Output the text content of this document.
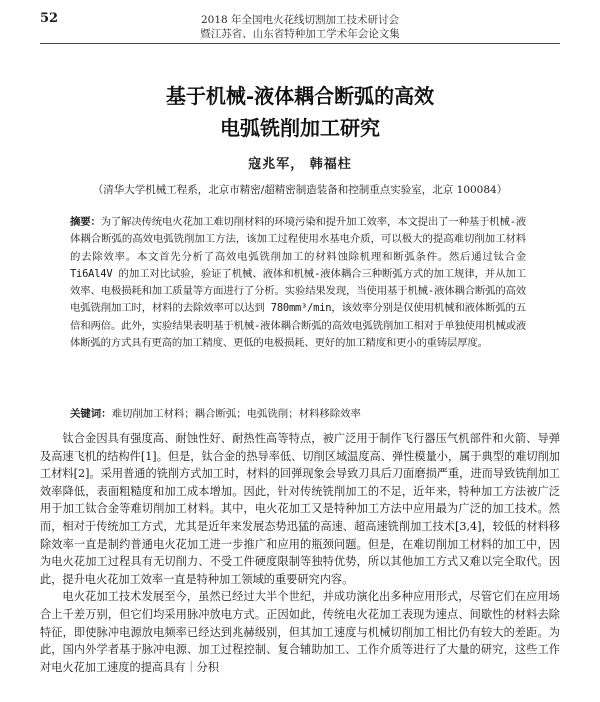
52	2018 年全国电火花线切割加工技术研讨会
暨江苏省、山东省特种加工学术年会论文集
基于机械-液体耦合断弧的高效
电弧铣削加工研究
寇兆军， 韩福柱
（清华大学机械工程系，北京市精密/超精密制造装备和控制重点实验室，北京 100084）
摘要：为了解决传统电火花加工难切削材料的环境污染和提升加工效率，本文提出了一种基于机械-液体耦合断弧的高效电弧铣削加工方法，该加工过程使用水基电介质，可以极大的提高难切削加工材料的去除效率。本文首先分析了高效电弧铣削加工的材料蚀除机理和断弧条件。然后通过钛合金 Ti6Al4V 的加工对比试验，验证了机械、液体和机械-液体耦合三种断弧方式的加工规律，并从加工效率、电极损耗和加工质量等方面进行了分析。实验结果发现，当使用基于机械-液体耦合断弧的高效电弧铣削加工时，材料的去除效率可以达到 780mm³/min，该效率分别是仅使用机械和液体断弧的五倍和两倍。此外，实验结果表明基于机械-液体耦合断弧的高效电弧铣削加工相对于单独使用机械或液体断弧的方式具有更高的加工精度、更低的电极损耗、更好的加工精度和更小的重铸层厚度。
关键词：难切削加工材料；耦合断弧；电弧铣削；材料移除效率

钛合金因具有强度高、耐蚀性好、耐热性高等特点，被广泛用于制作飞行器压气机部件和火箭、导弹及高速飞机的结构件[1]。但是，钛合金的热导率低、切削区域温度高、弹性模量小，属于典型的难切削加工材料[2]。采用普通的铣削方式加工时，材料的回弹现象会导致刀具后刀面磨损严重，进而导致铣削加工效率降低，表面粗糙度和加工成本增加。因此，针对传统铣削加工的不足，近年来，特种加工方法被广泛用于加工钛合金等难切削加工材料。其中，电火花加工又是特种加工方法中应用最为广泛的加工技术。然而，相对于传统加工方式，尤其是近年来发展态势迅猛的高速、超高速铣削加工技术[3,4]，较低的材料移除效率一直是制约普通电火花加工进一步推广和应用的瓶颈问题。但是，在难切削加工材料的加工中，因为电火花加工过程具有无切削力、不受工件硬度限制等独特优势，所以其他加工方式又难以完全取代。因此，提升电火花加工效率一直是特种加工领域的重要研究内容。

电火花加工技术发展至今，虽然已经过大半个世纪，并成功演化出多种应用形式，尽管它们在应用场合上千差万别，但它们均采用脉冲放电方式。正因如此，传统电火花加工表现为速点、间歇性的材料去除特征，即使脉冲电源放电频率已经达到兆赫级别，但其加工速度与机械切削加工相比仍有较大的差距。为此，国内外学者基于脉冲电源、加工过程控制、复合辅助加工、工作介质等进行了大量的研究，这些工作对电火花加工速度的提高具有｜分积
